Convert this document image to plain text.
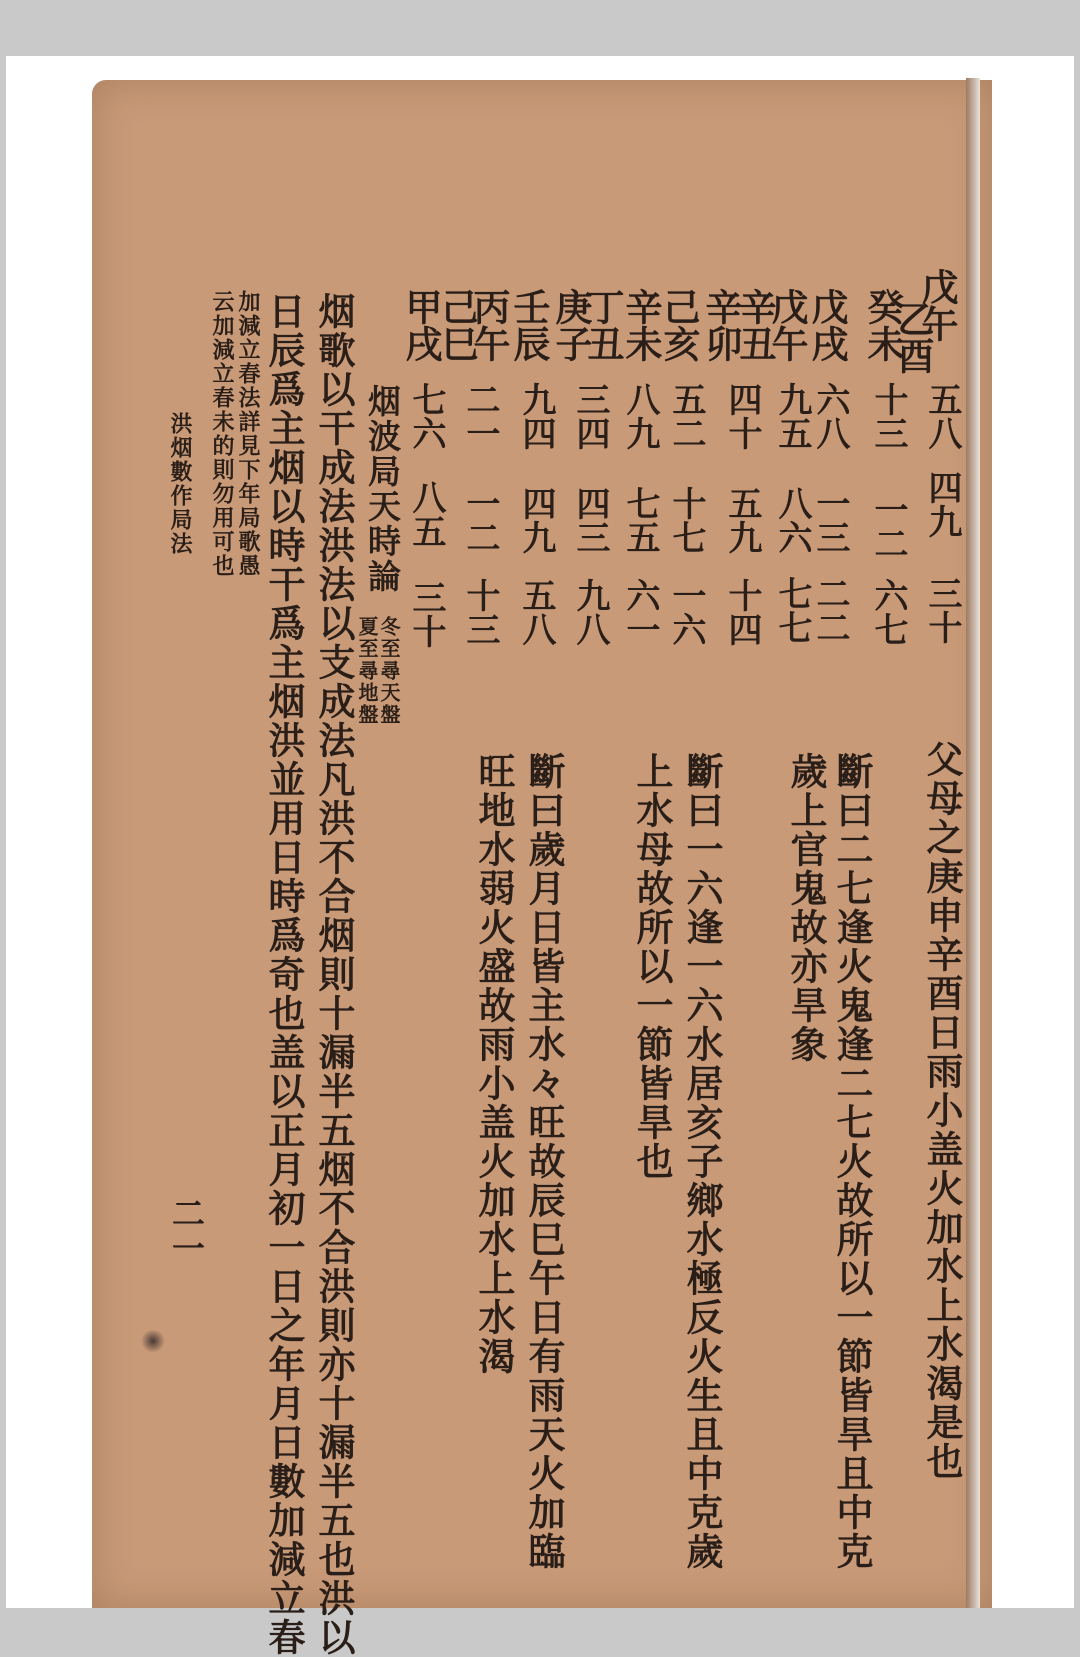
父母之庚申辛酉日雨小盖火加水上水渴是也
戊午
乙酉
癸未
戊戌
戊午
辛丑
辛卯
己亥
辛未
丁丑
庚子
壬辰
丙午
己巳
甲戌
五八
四九
三十
十三
一二
六七
六八
一三
二二
九五
八六
七七
四十
五九
十四
五二
十七
一六
八九
七五
六一
三四
四三
九八
九四
四九
五八
二一
一二
十三
七六
八五
三十
斷曰二七逢火鬼逢二七火故所以一節皆旱且中克
歲上官鬼故亦旱象
斷曰一六逢一六水居亥子鄉水極反火生且中克歲
上水母故所以一節皆旱也
斷曰歲月日皆主水々旺故辰巳午日有雨天火加臨
旺地水弱火盛故雨小盖火加水上水渴
烟波局天時論
冬至尋天盤
夏至尋地盤
烟歌以干成法洪法以支成法凡洪不合烟則十漏半五烟不合洪則亦十漏半五也洪以
日辰爲主烟以時干爲主烟洪並用日時爲奇也盖以正月初一日之年月日數加減立春
加減立春法詳見下年局歌愚
云加減立春未的則勿用可也
洪烟數作局法
二一
